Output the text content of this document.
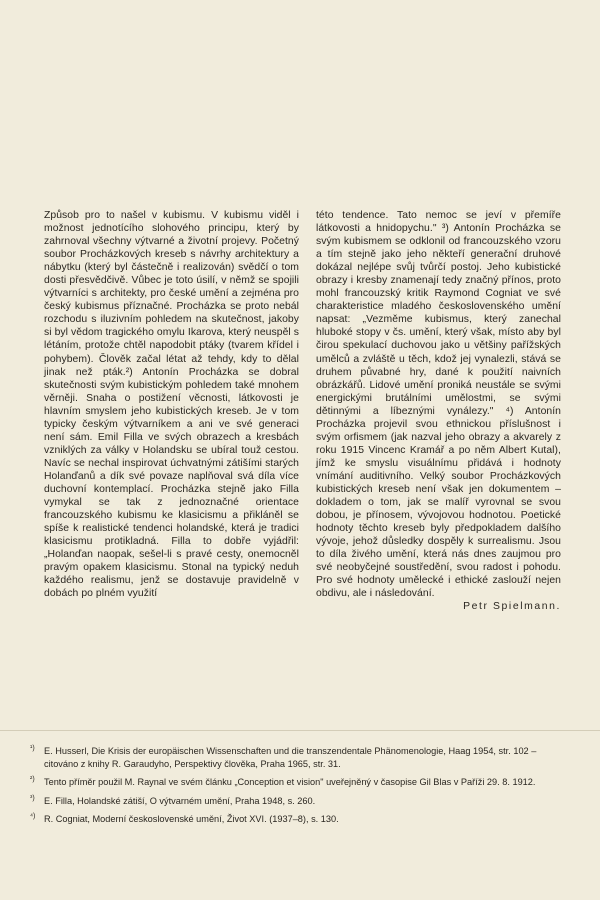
Způsob pro to našel v kubismu. V kubismu viděl i možnost jednotícího slohového principu, který by zahrnoval všechny výtvarné a životní projevy. Početný soubor Procházkových kreseb s návrhy architektury a nábytku (který byl částečně i realizován) svědčí o tom dosti přesvědčivě. Vůbec je toto úsilí, v němž se spojili výtvarníci s architekty, pro české umění a zejména pro český kubismus příznačné. Procházka se proto nebál rozchodu s iluzivním pohledem na skutečnost, jakoby si byl vědom tragického omylu Ikarova, který neuspěl s létáním, protože chtěl napodobit ptáky (tvarem křídel i pohybem). Člověk začal létat až tehdy, kdy to dělal jinak než pták.²) Antonín Procházka se dobral skutečnosti svým kubistickým pohledem také mnohem věrněji. Snaha o postižení věcnosti, látkovosti je hlavním smyslem jeho kubistických kreseb. Je v tom typicky českým výtvarníkem a ani ve své generaci není sám. Emil Filla ve svých obrazech a kresbách vzniklých za války v Holandsku se ubíral touž cestou. Navíc se nechal inspirovat úchvatnými zátišími starých Holanďanů a dík své povaze naplňoval svá díla více duchovní kontemplací. Procházka stejně jako Filla vymykal se tak z jednoznačné orientace francouzského kubismu ke klasicismu a přikláněl se spíše k realistické tendenci holandské, která je tradici klasicismu protikladná. Filla to dobře vyjádřil: „Holanďan naopak, sešel-li s pravé cesty, onemocněl pravým opakem klasicismu. Stonal na typický neduh každého realismu, jenž se dostavuje pravidelně v dobách po plném využití

této tendence. Tato nemoc se jeví v přemíře látkovosti a hnidopychu." ³) Antonín Procházka se svým kubismem se odklonil od francouzského vzoru a tím stejně jako jeho někteří generační druhové dokázal nejlépe svůj tvůrčí postoj. Jeho kubistické obrazy i kresby znamenají tedy značný přínos, proto mohl francouzský kritik Raymond Cogniat ve své charakteristice mladého československého umění napsat: „Vezměme kubismus, který zanechal hluboké stopy v čs. umění, který však, místo aby byl čirou spekulací duchovou jako u většiny pařížských umělců a zvláště u těch, kdož jej vynalezli, stává se druhem půvabné hry, dané k použití naivních obrázkářů. Lidové umění proniká neustále se svými energickými brutálními umělostmi, se svými dětinnými a líbeznými vynálezy." ⁴) Antonín Procházka projevil svou ethnickou příslušnost i svým orfismem (jak nazval jeho obrazy a akvarely z roku 1915 Vincenc Kramář a po něm Albert Kutal), jímž ke smyslu visuálnímu přidává i hodnoty vnímání auditivního. Velký soubor Procházkových kubistických kreseb není však jen dokumentem – dokladem o tom, jak se malíř vyrovnal se svou dobou, je přínosem, vývojovou hodnotou. Poetické hodnoty těchto kreseb byly předpokladem dalšího vývoje, jehož důsledky dospěly k surrealismu. Jsou to díla živého umění, která nás dnes zaujmou pro své neobyčejné soustředění, svou radost i pohodu. Pro své hodnoty umělecké i ethické zaslouží nejen obdivu, ale i následování.

Petr Spielmann.

¹) E. Husserl, Die Krisis der europäischen Wissenschaften und die transzendentale Phänomenologie, Haag 1954, str. 102 – citováno z knihy R. Garaudyho, Perspektivy člověka, Praha 1965, str. 31.

²) Tento příměr použil M. Raynal ve svém článku „Conception et vision" uveřejněný v časopise Gil Blas v Paříži 29. 8. 1912.

³) E. Filla, Holandské zátiší, O výtvarném umění, Praha 1948, s. 260.

⁴) R. Cogniat, Moderní československé umění, Život XVI. (1937–8), s. 130.
